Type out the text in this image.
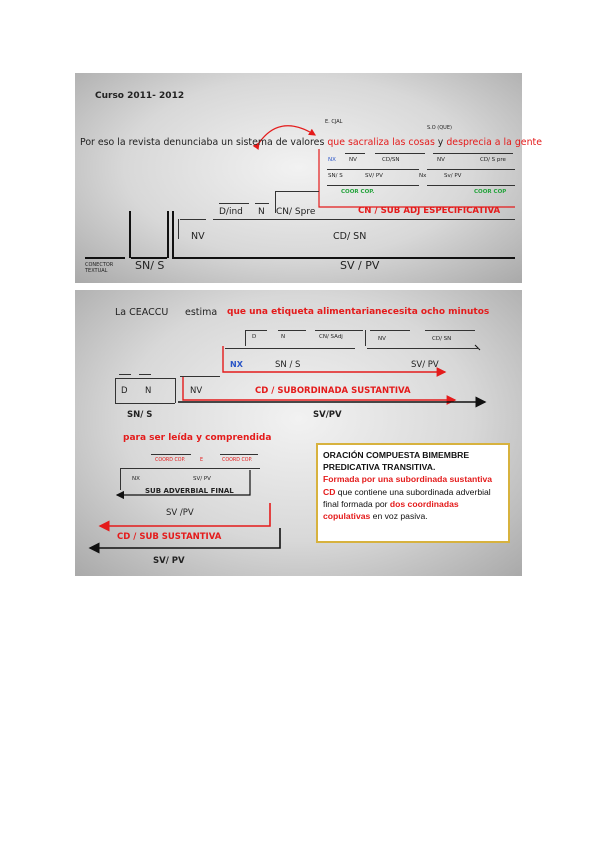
Curso 2011- 2012
Por eso la revista denunciaba un sistema de valores que sacraliza las cosas y desprecia a la gente
E. CJAL
S.O (QUE)
NX NV	CD/SN	NV	CD/ S pre
SN/ S	SV/ PV	Nx	Sv/ PV
COOR COP.	COOR COP
D/ind N CN/ Spre	CN / SUB ADJ ESPECIFICATIVA
NV	CD/ SN
CONECTOR TEXTUAL	SN/ S	SV / PV
La CEACCU estima que una etiqueta alimentaria necesita ocho minutos
D	N	CN/ SAdj	NV	CD/ SN
NX	SN / S	SV/ PV
D N	NV	CD / SUBORDINADA SUSTANTIVA
SN/ S	SV/PV
para ser leída y comprendida
COORD COP.	E	COORD COP.
NX	SV/ PV
SUB ADVERBIAL FINAL
SV /PV
CD / SUB SUSTANTIVA
SV/ PV
ORACIÓN COMPUESTA BIMEMBRE PREDICATIVA TRANSITIVA.
Formada por una subordinada sustantiva CD que contiene una subordinada adverbial final formada por dos coordinadas copulativas en voz pasiva.
